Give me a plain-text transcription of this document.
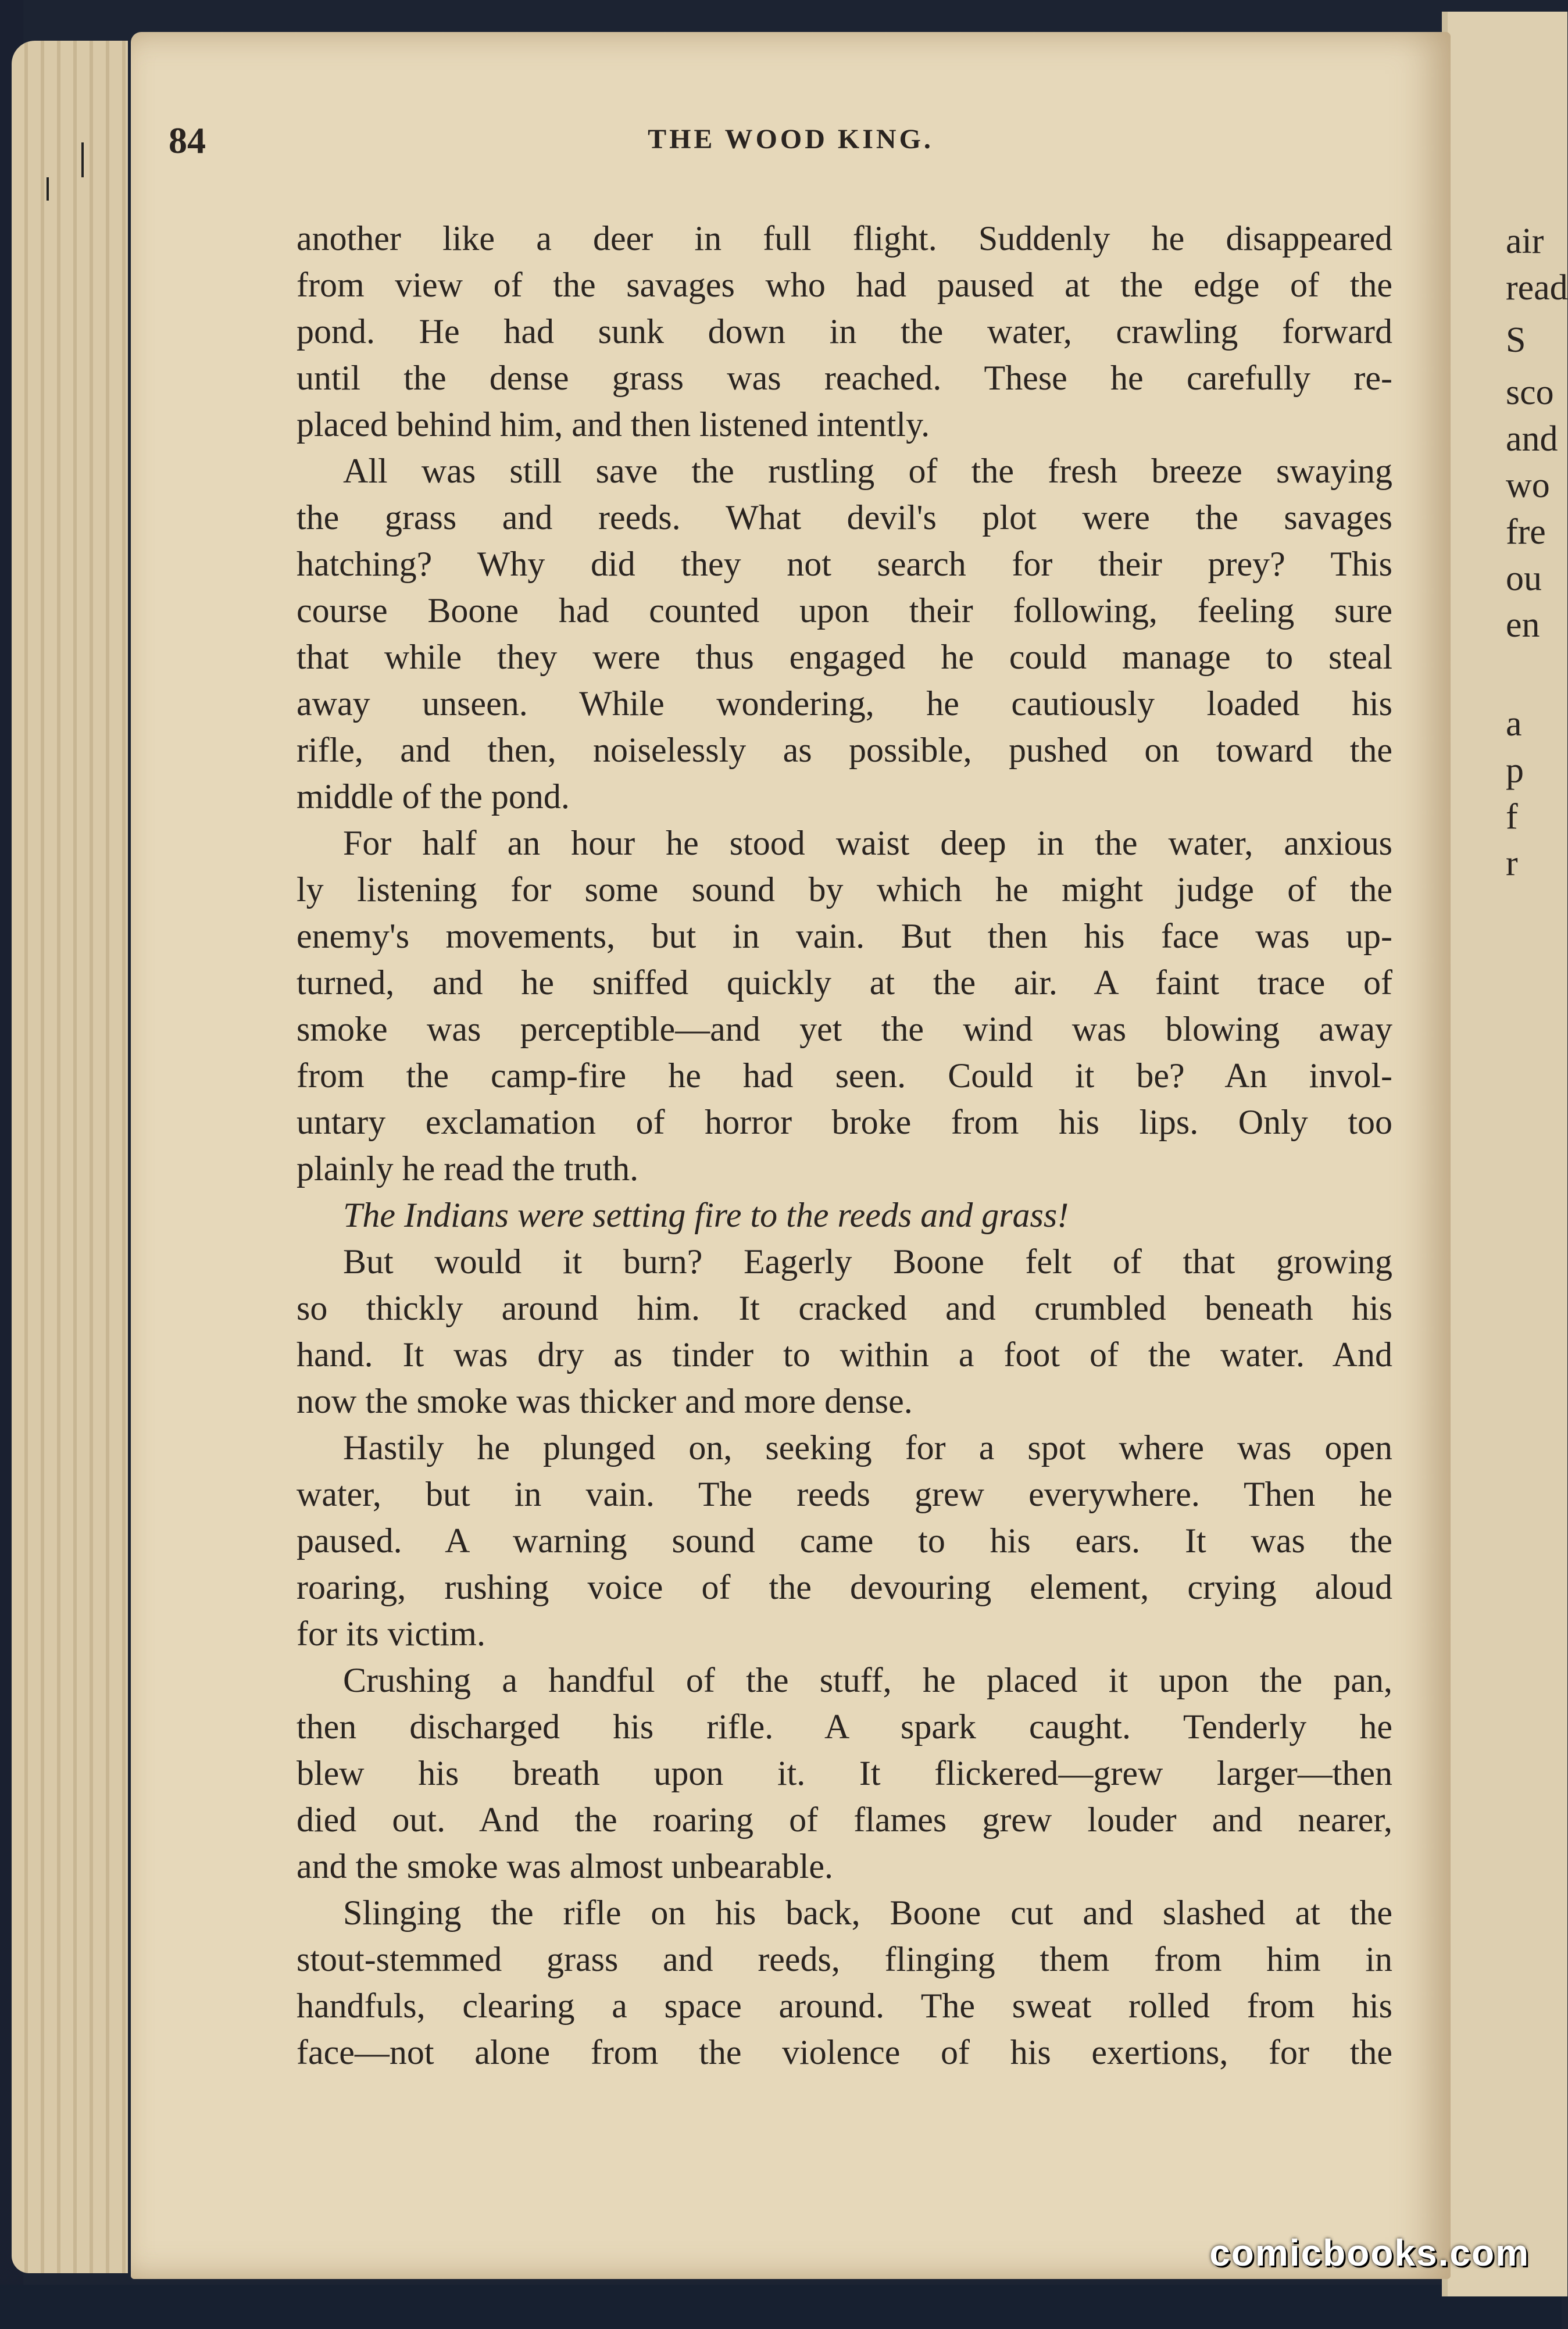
air
read
S
sco
and
wo
fre
ou
en
a
p
f
r
84	THE WOOD KING.
another like a deer in full flight. Suddenly he disappeared
from view of the savages who had paused at the edge of the
pond. He had sunk down in the water, crawling forward
until the dense grass was reached. These he carefully re-
placed behind him, and then listened intently.
All was still save the rustling of the fresh breeze swaying
the grass and reeds. What devil's plot were the savages
hatching? Why did they not search for their prey? This
course Boone had counted upon their following, feeling sure
that while they were thus engaged he could manage to steal
away unseen. While wondering, he cautiously loaded his
rifle, and then, noiselessly as possible, pushed on toward the
middle of the pond.
For half an hour he stood waist deep in the water, anxious
ly listening for some sound by which he might judge of the
enemy's movements, but in vain. But then his face was up-
turned, and he sniffed quickly at the air. A faint trace of
smoke was perceptible—and yet the wind was blowing away
from the camp-fire he had seen. Could it be? An invol-
untary exclamation of horror broke from his lips. Only too
plainly he read the truth.
The Indians were setting fire to the reeds and grass!
But would it burn? Eagerly Boone felt of that growing
so thickly around him. It cracked and crumbled beneath his
hand. It was dry as tinder to within a foot of the water. And
now the smoke was thicker and more dense.
Hastily he plunged on, seeking for a spot where was open
water, but in vain. The reeds grew everywhere. Then he
paused. A warning sound came to his ears. It was the
roaring, rushing voice of the devouring element, crying aloud
for its victim.
Crushing a handful of the stuff, he placed it upon the pan,
then discharged his rifle. A spark caught. Tenderly he
blew his breath upon it. It flickered—grew larger—then
died out. And the roaring of flames grew louder and nearer,
and the smoke was almost unbearable.
Slinging the rifle on his back, Boone cut and slashed at the
stout-stemmed grass and reeds, flinging them from him in
handfuls, clearing a space around. The sweat rolled from his
face—not alone from the violence of his exertions, for the
comicbooks.com
